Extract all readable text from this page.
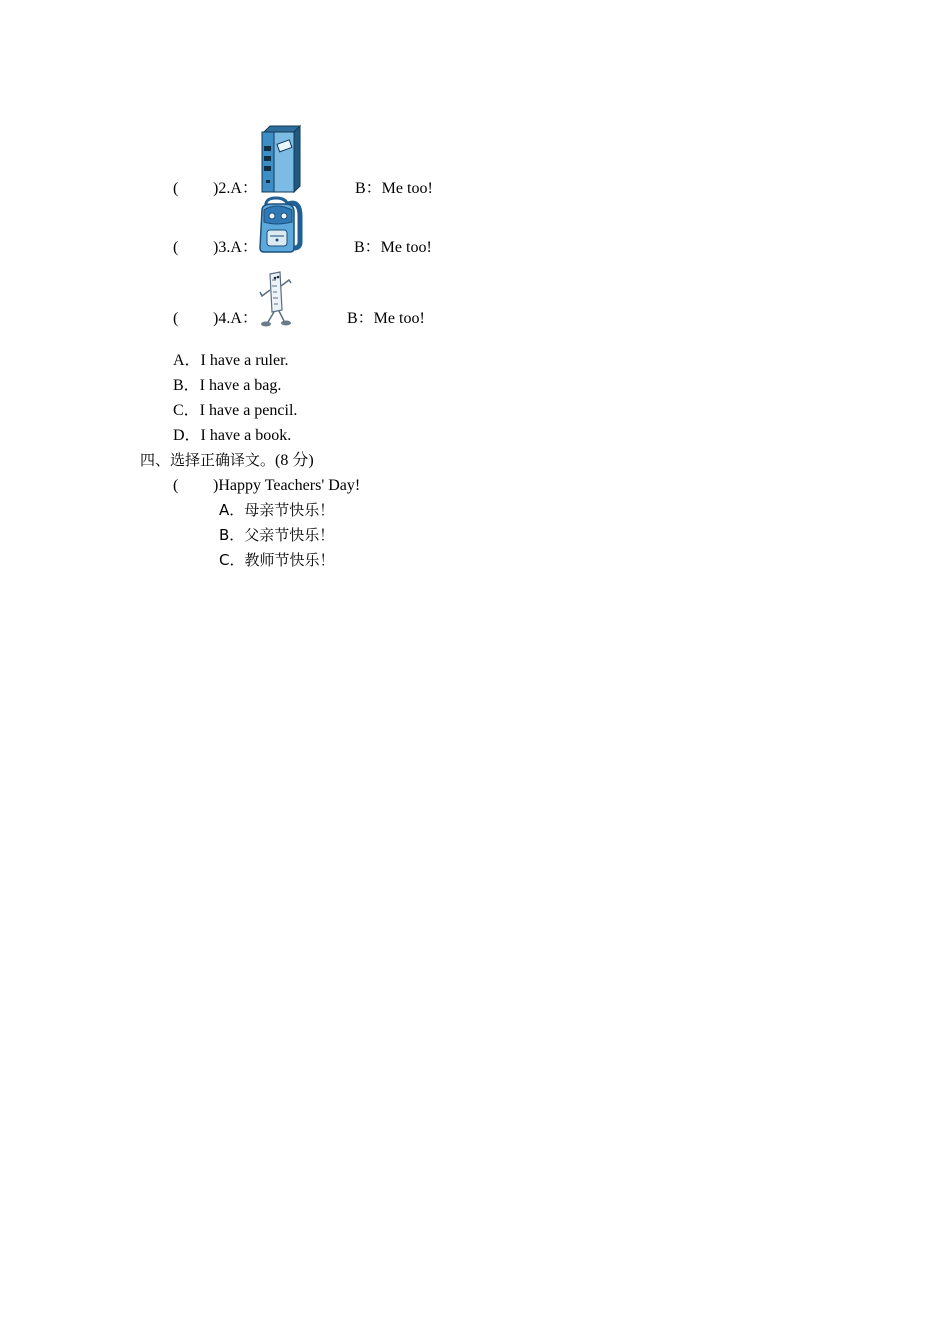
( )2.A：	B：Me too!
( )3.A：	B：Me too!
( )4.A：	B：Me too!
A．I have a ruler.
B．I have a bag.
C．I have a pencil.
D．I have a book.
四、选择正确译文。(8 分)
( )Happy Teachers' Day!
A．母亲节快乐！
B．父亲节快乐！
C．教师节快乐！
